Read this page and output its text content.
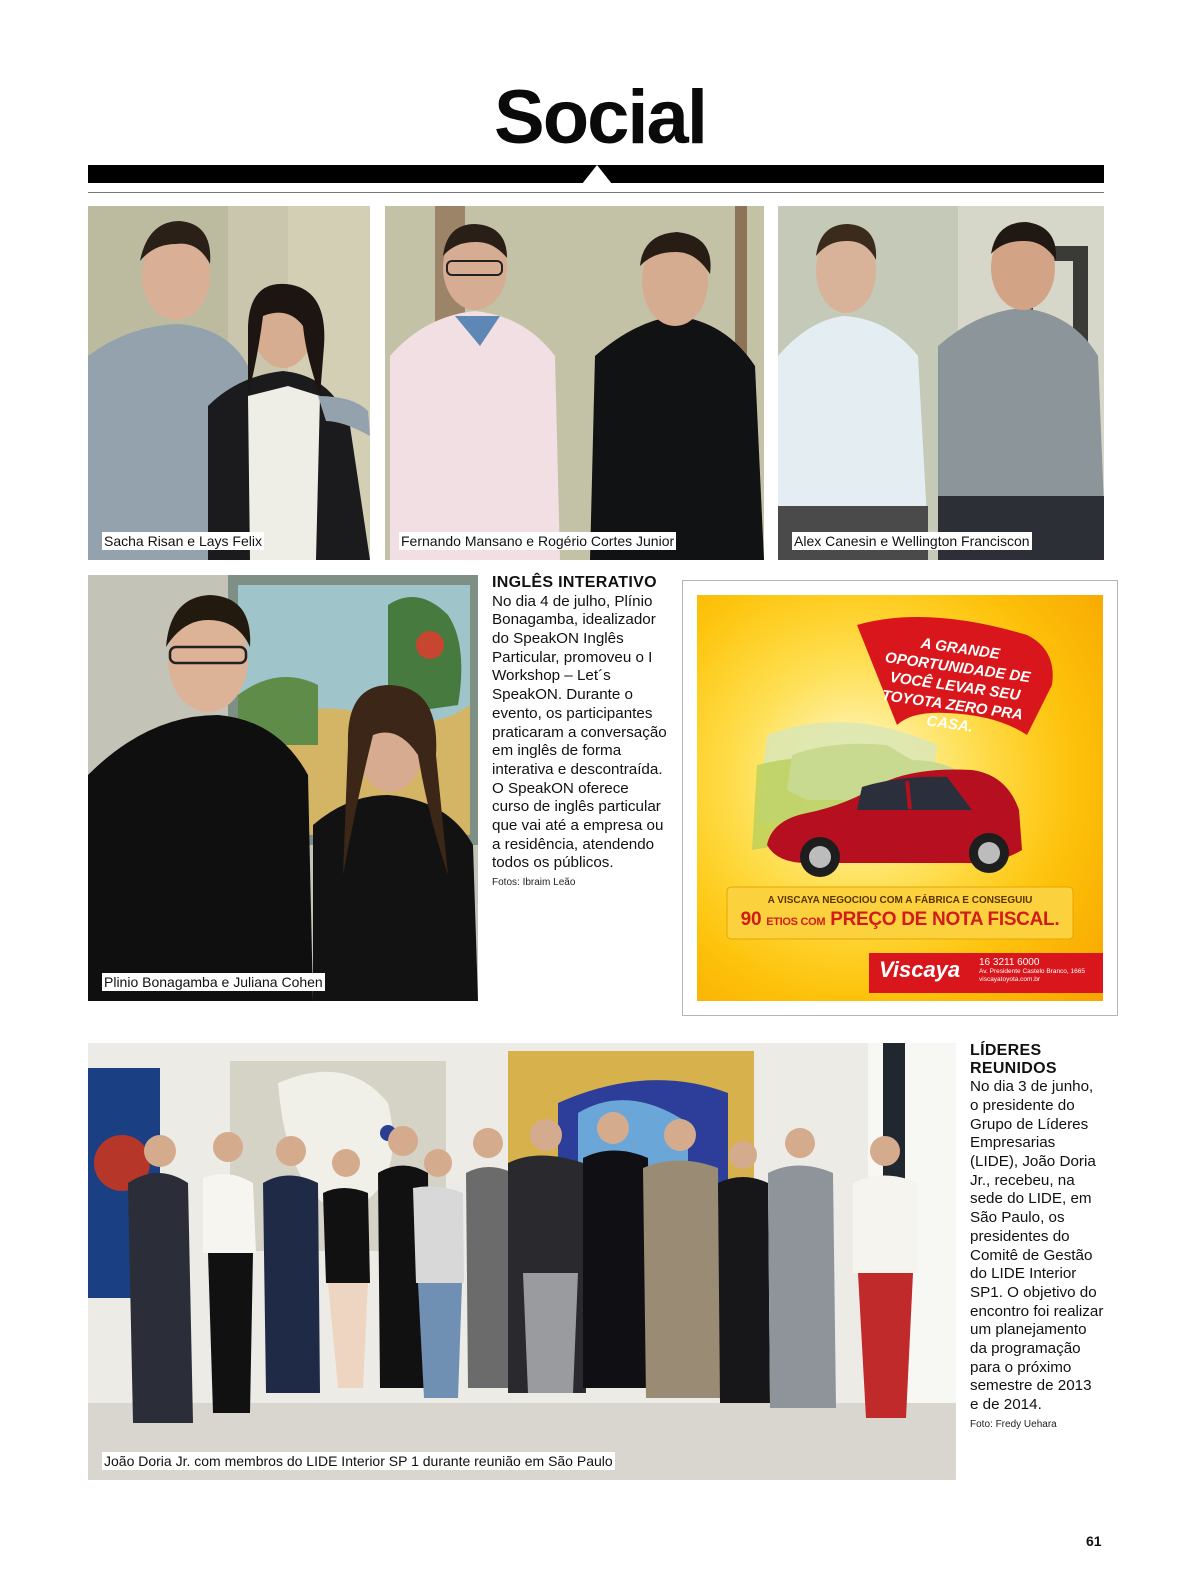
Social
Sacha Risan e Lays Felix	Fernando Mansano e Rogério Cortes Junior	Alex Canesin e Wellington Franciscon
Plinio Bonagamba e Juliana Cohen
INGLÊS INTERATIVO
No dia 4 de julho, Plínio Bonagamba, idealizador do SpeakON Inglês Particular, promoveu o I Workshop – Let´s SpeakON. Durante o evento, os participantes praticaram a conversação em inglês de forma interativa e descontraída. O SpeakON oferece curso de inglês particular que vai até a empresa ou a residência, atendendo todos os públicos.
Fotos: Ibraim Leão
A GRANDE OPORTUNIDADE DE VOCÊ LEVAR SEU TOYOTA ZERO PRA CASA.
A VISCAYA NEGOCIOU COM A FÁBRICA E CONSEGUIU
90 ETIOS COM PREÇO DE NOTA FISCAL.
Viscaya 16 3211 6000
Av. Presidente Castelo Branco, 1665
viscayatoyota.com.br
João Doria Jr. com membros do LIDE Interior SP 1 durante reunião em São Paulo
LÍDERES REUNIDOS
No dia 3 de junho, o presidente do Grupo de Líderes Empresarias (LIDE), João Doria Jr., recebeu, na sede do LIDE, em São Paulo, os presidentes do Comitê de Gestão do LIDE Interior SP1. O objetivo do encontro foi realizar um planejamento da programação para o próximo semestre de 2013 e de 2014.
Foto: Fredy Uehara
61
